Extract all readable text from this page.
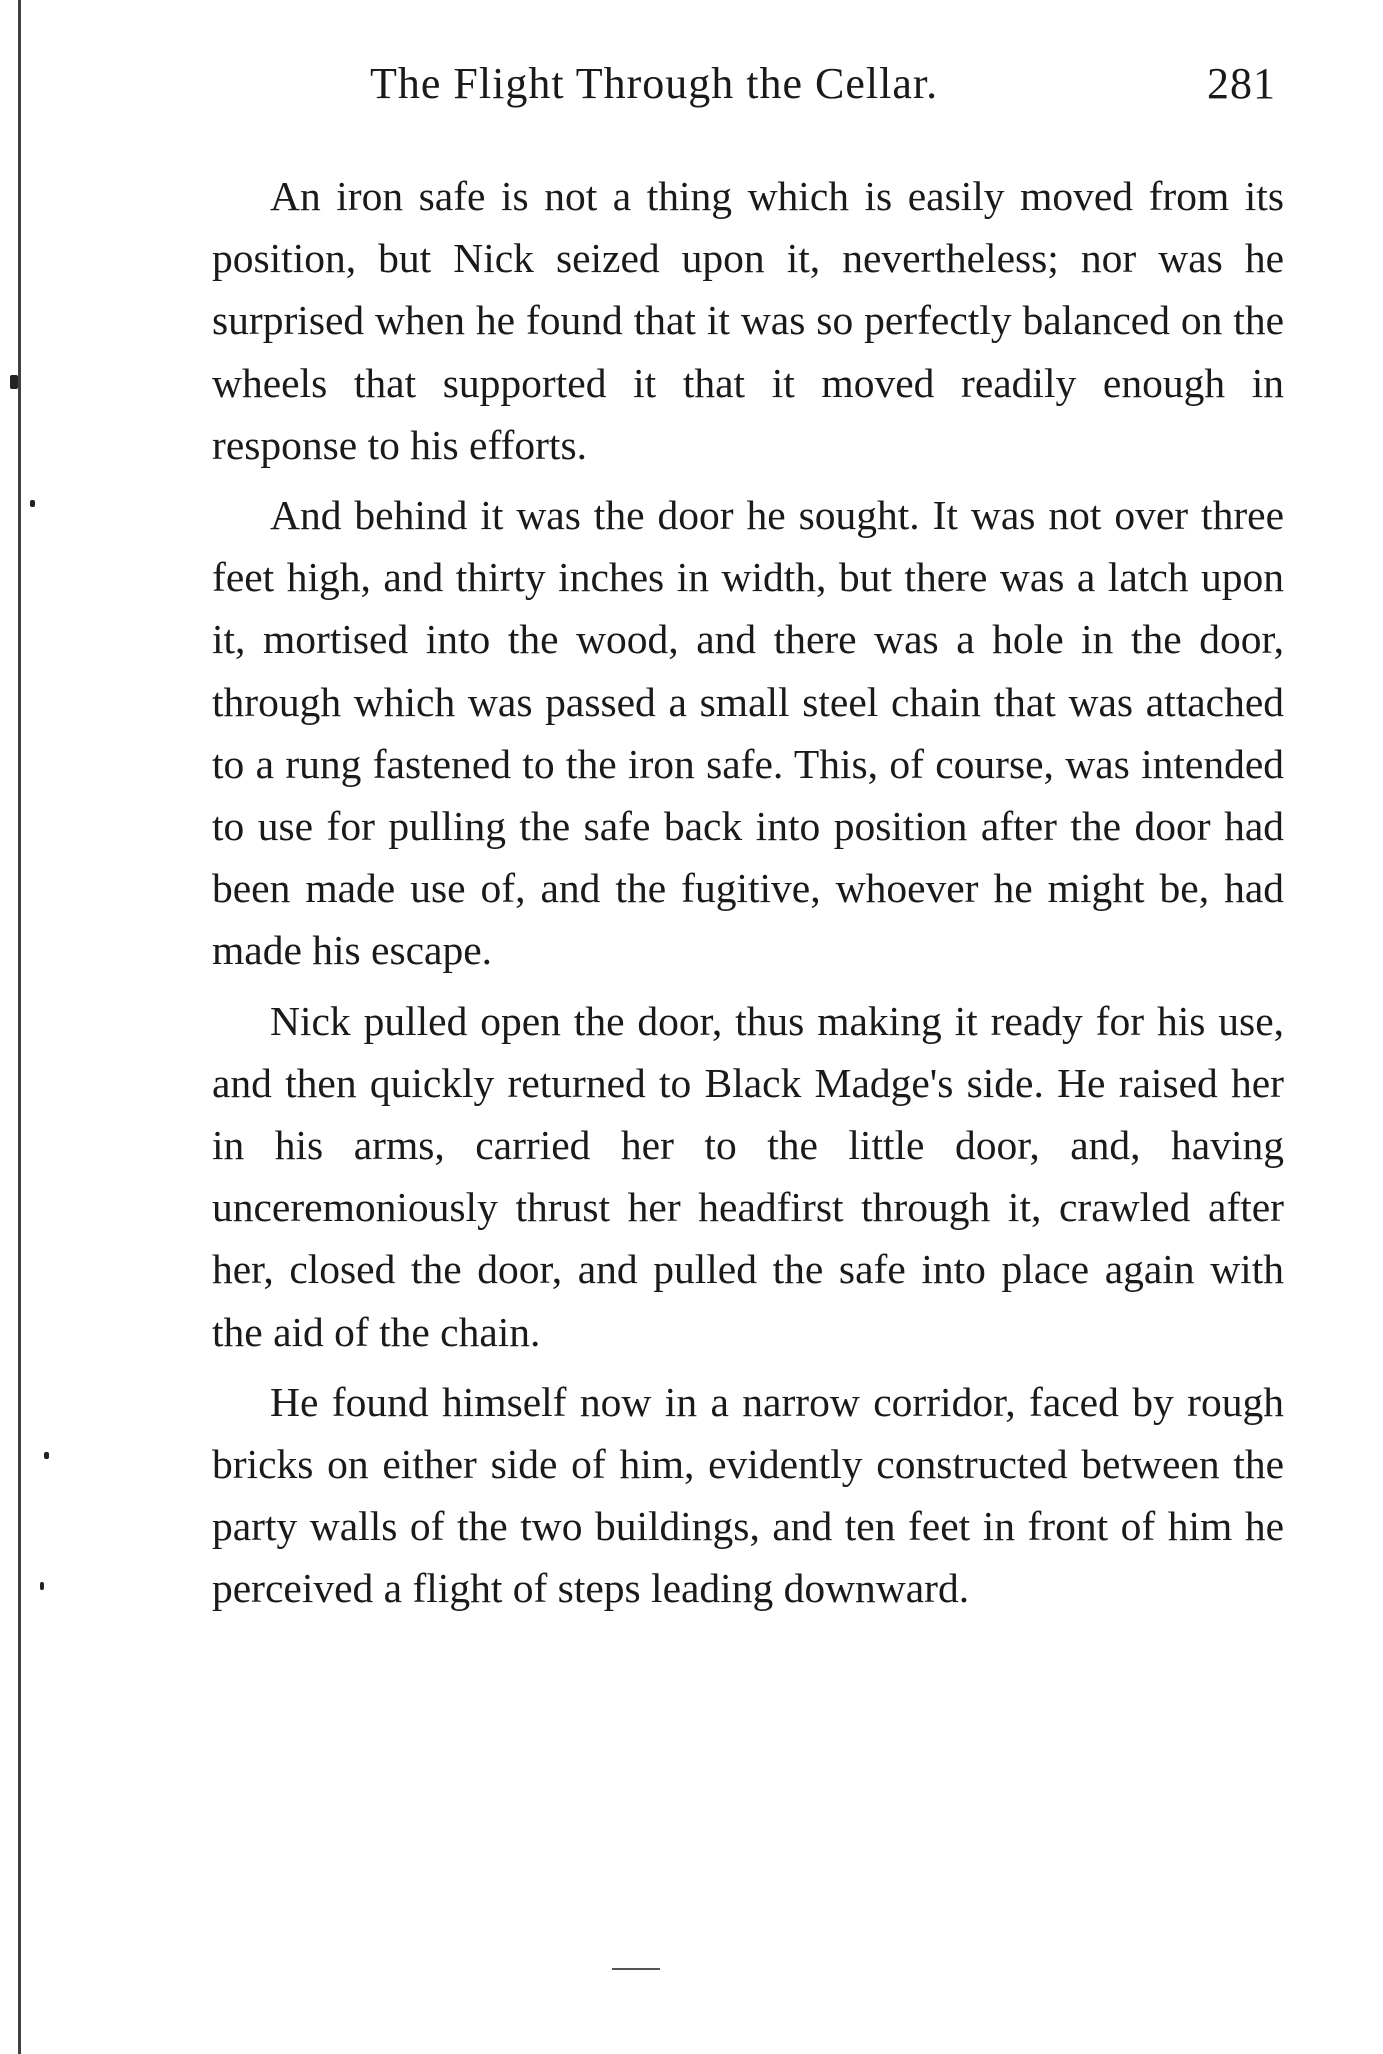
The Flight Through the Cellar.	281

An iron safe is not a thing which is easily moved from its position, but Nick seized upon it, nevertheless; nor was he surprised when he found that it was so perfectly balanced on the wheels that supported it that it moved readily enough in response to his efforts.

And behind it was the door he sought. It was not over three feet high, and thirty inches in width, but there was a latch upon it, mortised into the wood, and there was a hole in the door, through which was passed a small steel chain that was attached to a rung fastened to the iron safe. This, of course, was intended to use for pulling the safe back into position after the door had been made use of, and the fugitive, whoever he might be, had made his escape.

Nick pulled open the door, thus making it ready for his use, and then quickly returned to Black Madge's side. He raised her in his arms, carried her to the little door, and, having unceremoniously thrust her headfirst through it, crawled after her, closed the door, and pulled the safe into place again with the aid of the chain.

He found himself now in a narrow corridor, faced by rough bricks on either side of him, evidently constructed between the party walls of the two buildings, and ten feet in front of him he perceived a flight of steps leading downward.
